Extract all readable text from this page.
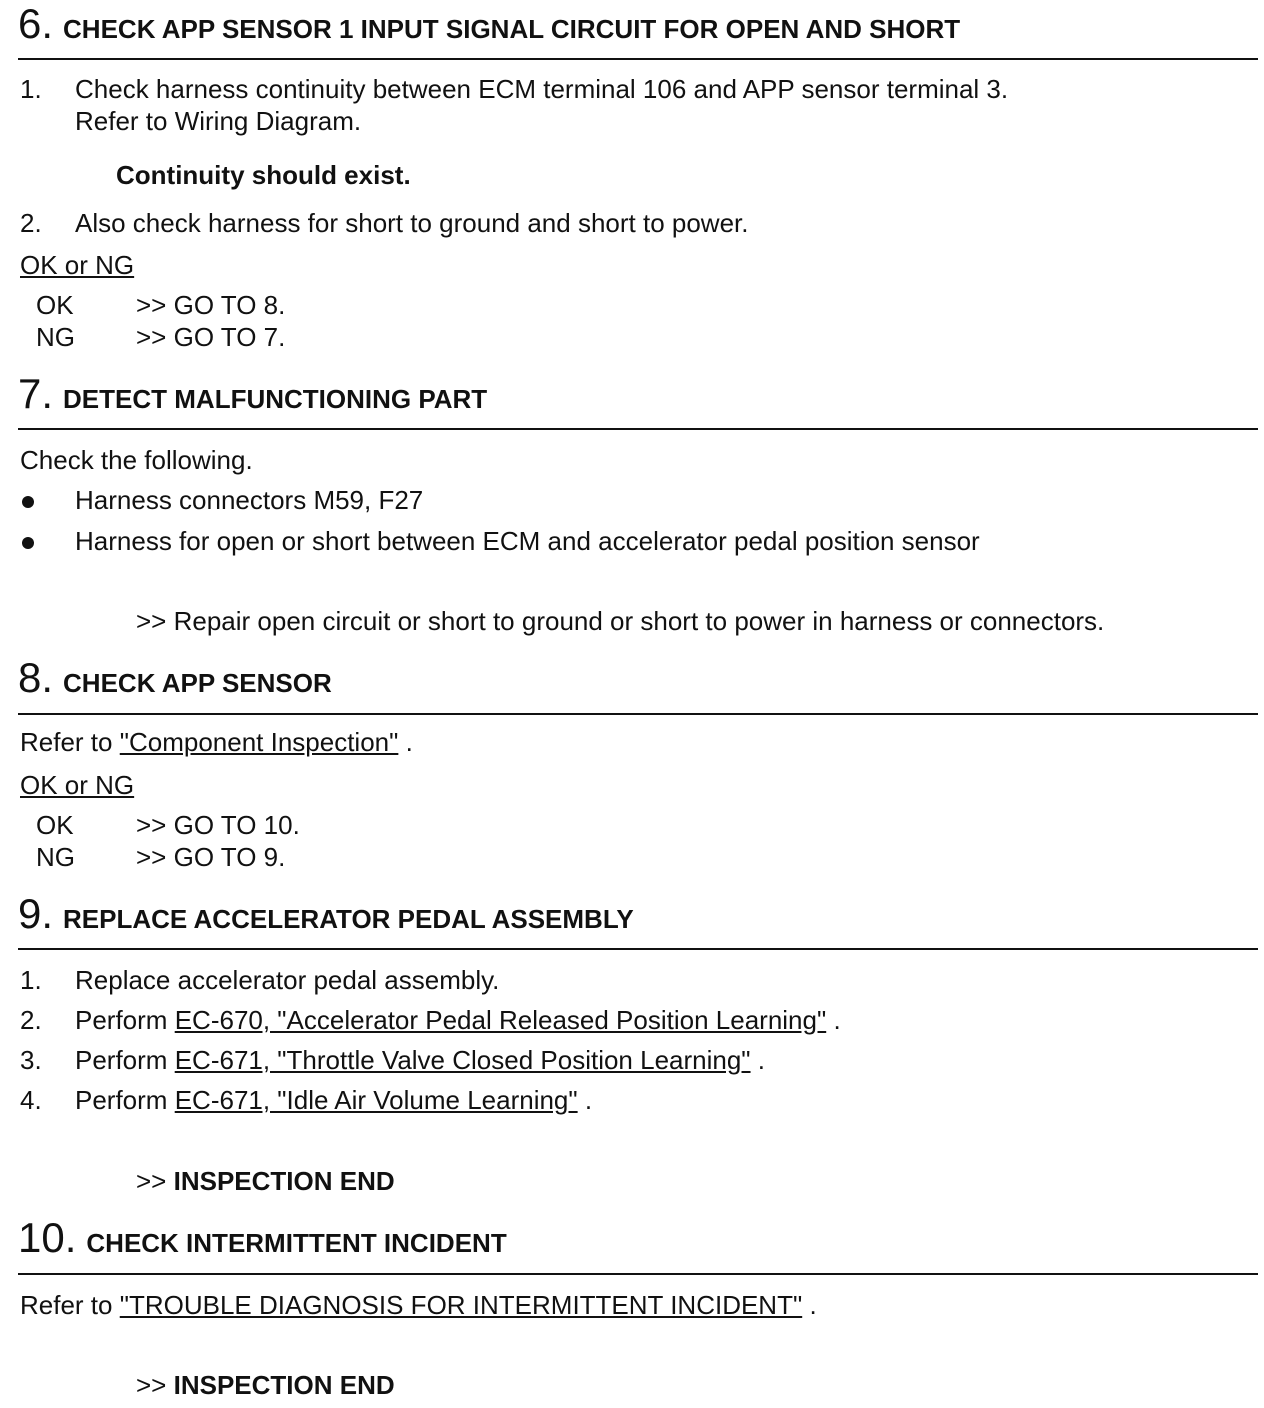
6. CHECK APP SENSOR 1 INPUT SIGNAL CIRCUIT FOR OPEN AND SHORT
1. Check harness continuity between ECM terminal 106 and APP sensor terminal 3.
Refer to Wiring Diagram.
Continuity should exist.
2. Also check harness for short to ground and short to power.
OK or NG
OK >> GO TO 8.
NG >> GO TO 7.
7. DETECT MALFUNCTIONING PART
Check the following.
Harness connectors M59, F27
Harness for open or short between ECM and accelerator pedal position sensor
>> Repair open circuit or short to ground or short to power in harness or connectors.
8. CHECK APP SENSOR
Refer to "Component Inspection" .
OK or NG
OK >> GO TO 10.
NG >> GO TO 9.
9. REPLACE ACCELERATOR PEDAL ASSEMBLY
1. Replace accelerator pedal assembly.
2. Perform EC-670, "Accelerator Pedal Released Position Learning" .
3. Perform EC-671, "Throttle Valve Closed Position Learning" .
4. Perform EC-671, "Idle Air Volume Learning" .
>> INSPECTION END
10. CHECK INTERMITTENT INCIDENT
Refer to "TROUBLE DIAGNOSIS FOR INTERMITTENT INCIDENT" .
>> INSPECTION END
